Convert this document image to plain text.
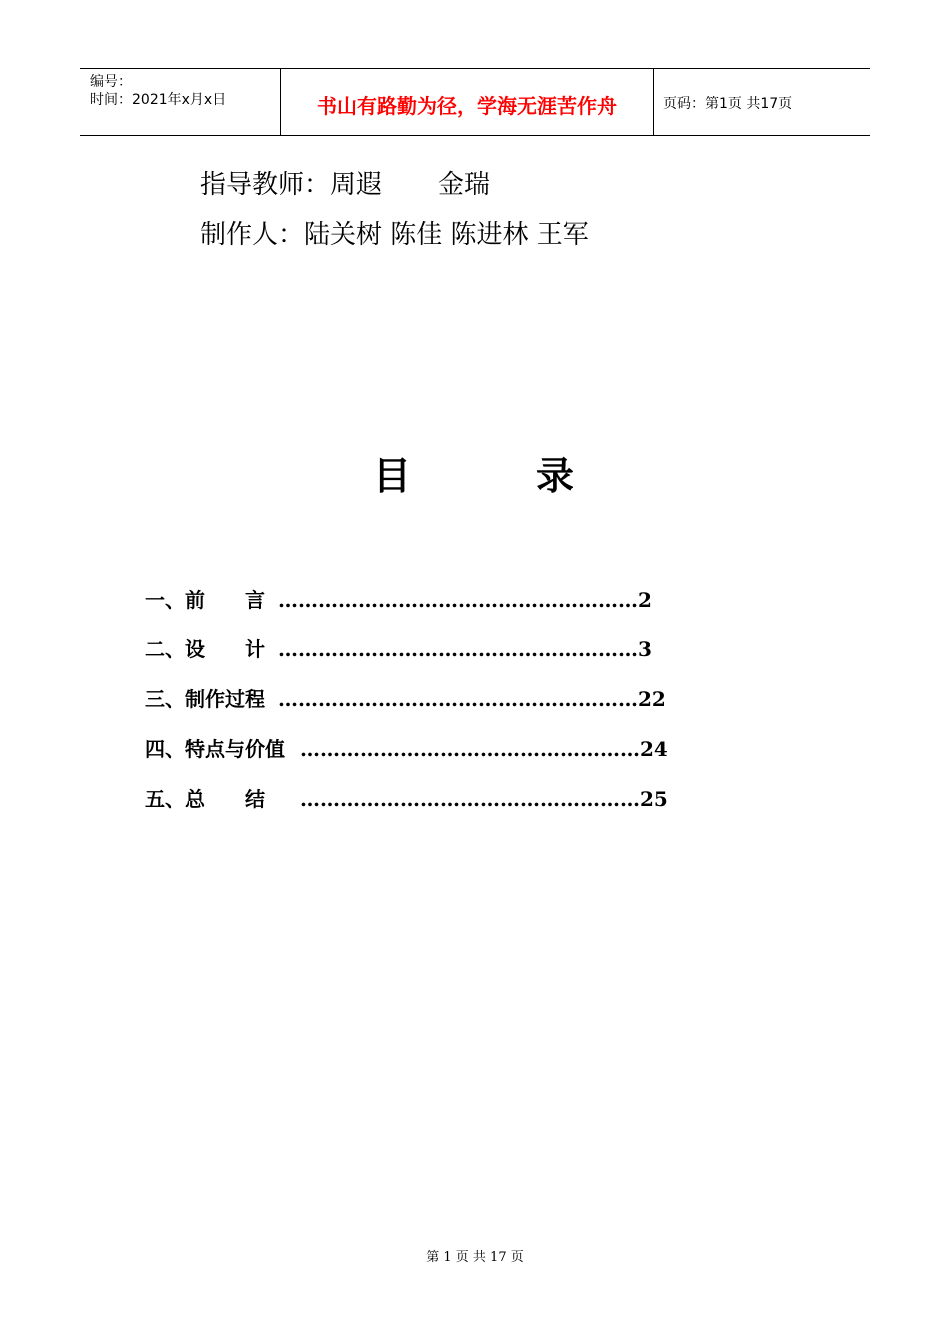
编号：
时间：2021年x月x日	书山有路勤为径，学海无涯苦作舟	页码：第1页 共17页
指导教师：周遐 金瑞
制作人：陆关树 陈佳 陈进林 王军
目	录
一、前　　言 ……………………………………………… 2
二、设　　计 ……………………………………………… 3
三、制作过程 ……………………………………………… 22
四、特点与价值 …………………………………………… 24
五、总　　结　 …………………………………………… 25
第 1 页 共 17 页
